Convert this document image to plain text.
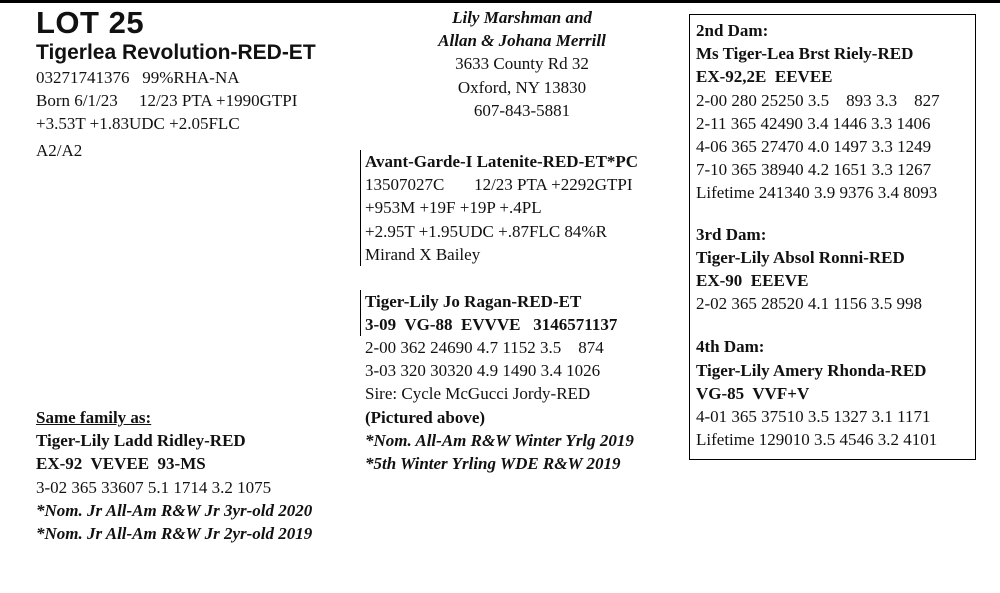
LOT 25
Tigerlea Revolution-RED-ET
03271741376   99%RHA-NA
Born 6/1/23     12/23 PTA +1990GTPI
+3.53T +1.83UDC +2.05FLC
A2/A2
Lily Marshman and
Allan & Johana Merrill
3633 County Rd 32
Oxford, NY 13830
607-843-5881
Avant-Garde-I Latenite-RED-ET*PC
13507027C       12/23 PTA +2292GTPI
+953M +19F +19P +.4PL
+2.95T +1.95UDC +.87FLC 84%R
Mirand X Bailey
Tiger-Lily Jo Ragan-RED-ET
3-09  VG-88  EVVVE   3146571137
2-00 362 24690 4.7 1152 3.5    874
3-03 320 30320 4.9 1490 3.4 1026
Sire: Cycle McGucci Jordy-RED
(Pictured above)
*Nom. All-Am R&W Winter Yrlg 2019
*5th Winter Yrling WDE R&W 2019
Same family as:
Tiger-Lily Ladd Ridley-RED
EX-92  VEVEE  93-MS
3-02 365 33607 5.1 1714 3.2 1075
*Nom. Jr All-Am R&W Jr 3yr-old 2020
*Nom. Jr All-Am R&W Jr 2yr-old 2019
2nd Dam:
Ms Tiger-Lea Brst Riely-RED
EX-92,2E  EEVEE
2-00 280 25250 3.5    893 3.3    827
2-11 365 42490 3.4 1446 3.3 1406
4-06 365 27470 4.0 1497 3.3 1249
7-10 365 38940 4.2 1651 3.3 1267
Lifetime 241340 3.9 9376 3.4 8093
3rd Dam:
Tiger-Lily Absol Ronni-RED
EX-90  EEEVE
2-02 365 28520 4.1 1156 3.5 998
4th Dam:
Tiger-Lily Amery Rhonda-RED
VG-85  VVF+V
4-01 365 37510 3.5 1327 3.1 1171
Lifetime 129010 3.5 4546 3.2 4101
